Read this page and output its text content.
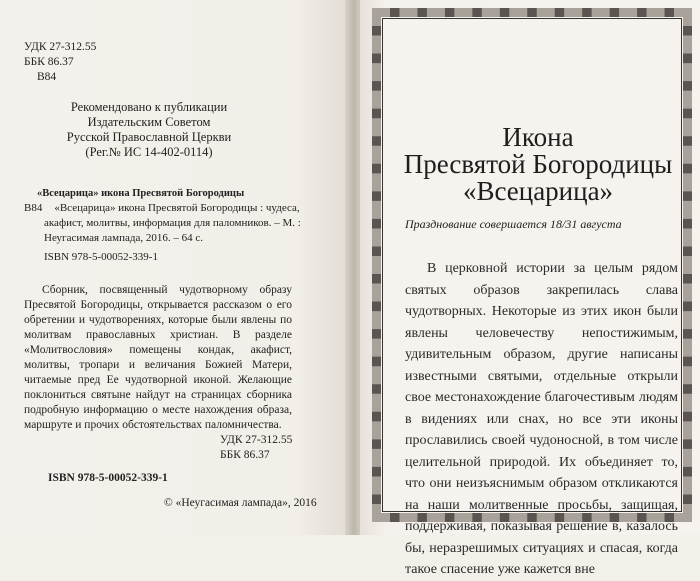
УДК 27-312.55
ББК 86.37
В84
Рекомендовано к публикации
Издательским Советом
Русской Православной Церкви
(Рег.№ ИС 14-402-0114)
«Всецарица» икона Пресвятой Богородицы
В84 «Всецарица» икона Пресвятой Богородицы : чудеса,
акафист, молитвы, информация для паломников. – М. :
Неугасимая лампада, 2016. – 64 с.
ISBN 978-5-00052-339-1
Сборник, посвященный чудотворному образу Пресвятой Богородицы, открывается рассказом о его обретении и чудотворениях, которые были явлены по молитвам православных христиан. В разделе «Молитвословия» помещены кондак, акафист, молитвы, тропари и величания Божией Матери, читаемые пред Ее чудотворной иконой. Желающие поклониться святыне найдут на страницах сборника подробную информацию о месте нахождения образа, маршруте и прочих обстоятельствах паломничества.
УДК 27-312.55
ББК 86.37
ISBN 978-5-00052-339-1
© «Неугасимая лампада», 2016
Икона
Пресвятой Богородицы
«Всецарица»
Празднование совершается 18/31 августа

В церковной истории за целым рядом святых образов закрепилась слава чудотворных. Некоторые из этих икон были явлены человечеству непостижимым, удивительным образом, другие написаны известными святыми, отдельные открыли свое местонахождение благочестивым людям в видениях или снах, но все эти иконы прославились своей чудоносной, в том числе целительной природой. Их объединяет то, что они неизъяснимым образом откликаются на наши молитвенные просьбы, защищая, поддерживая, показывая решение в, казалось бы, неразрешимых ситуациях и спасая, когда такое спасение уже кажется вне
